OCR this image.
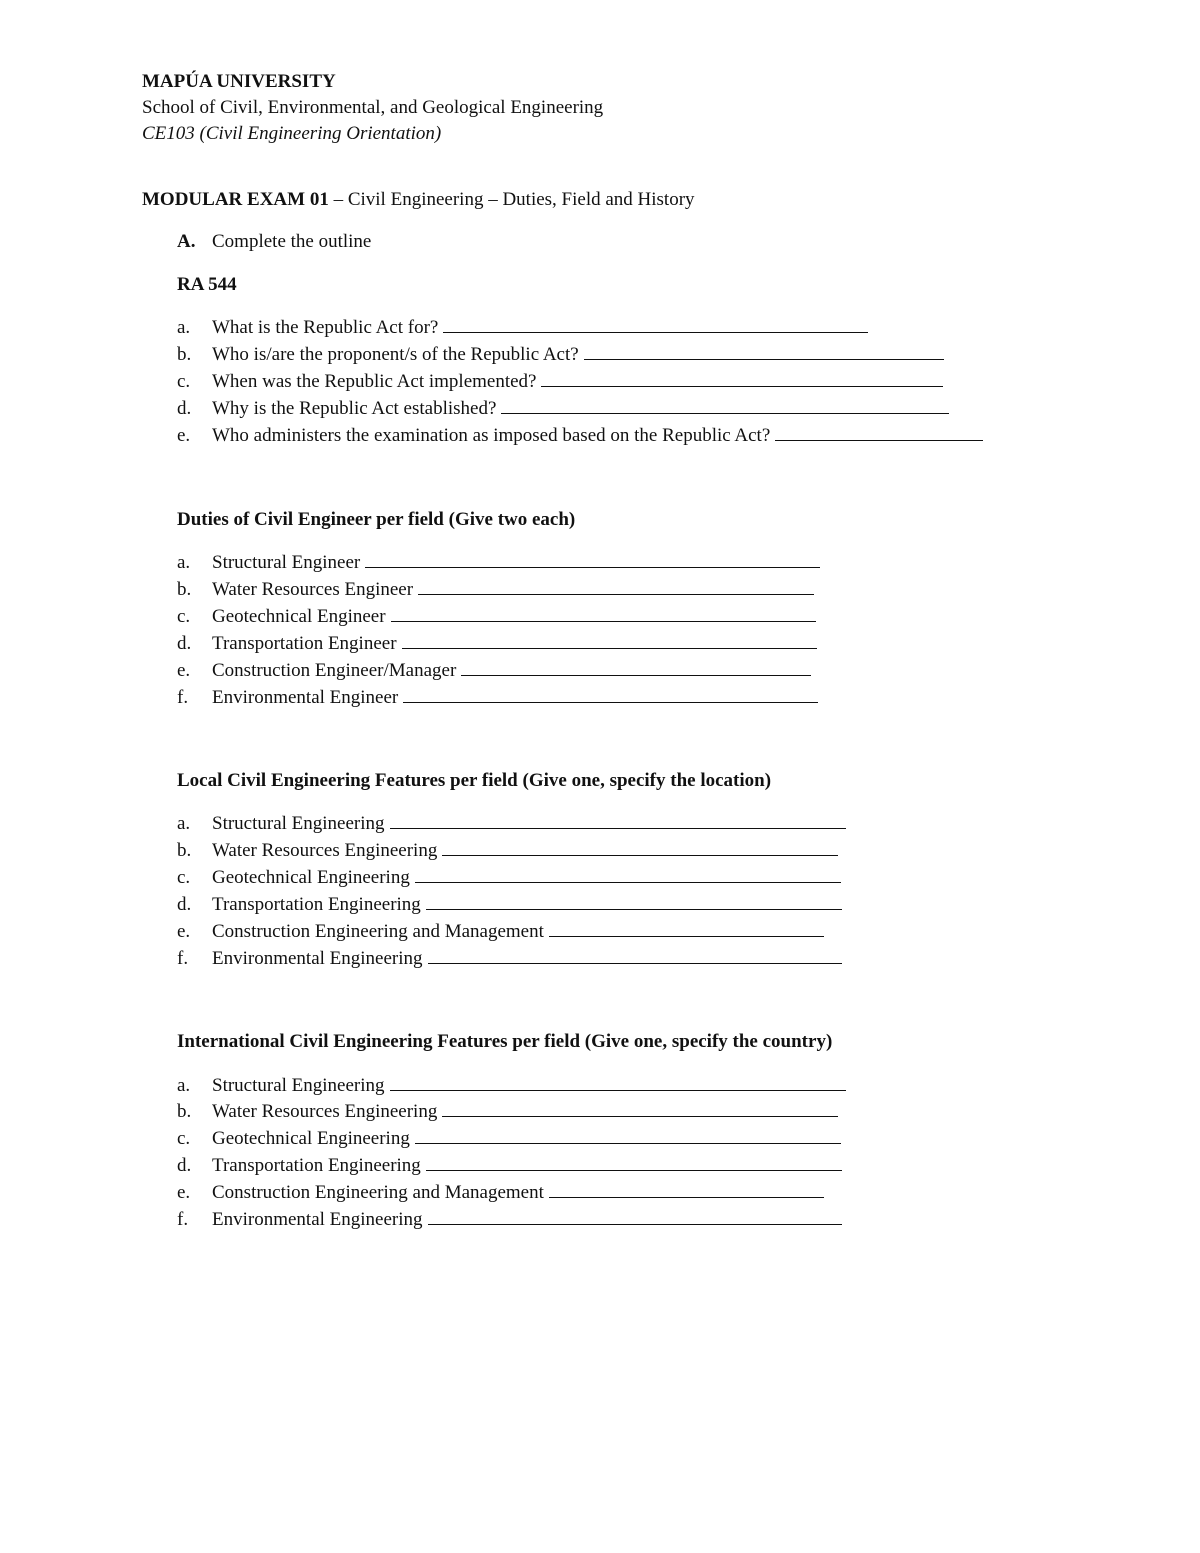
MAPÚA UNIVERSITY
School of Civil, Environmental, and Geological Engineering
CE103 (Civil Engineering Orientation)
MODULAR EXAM 01 – Civil Engineering – Duties, Field and History
A. Complete the outline
RA 544
a.	What is the Republic Act for?
b.	Who is/are the proponent/s of the Republic Act?
c.	When was the Republic Act implemented?
d.	Why is the Republic Act established?
e.	Who administers the examination as imposed based on the Republic Act?
Duties of Civil Engineer per field (Give two each)
a.	Structural Engineer
b.	Water Resources Engineer
c.	Geotechnical Engineer
d.	Transportation Engineer
e.	Construction Engineer/Manager
f.	Environmental Engineer
Local Civil Engineering Features per field (Give one, specify the location)
a.	Structural Engineering
b.	Water Resources Engineering
c.	Geotechnical Engineering
d.	Transportation Engineering
e.	Construction Engineering and Management
f.	Environmental Engineering
International Civil Engineering Features per field (Give one, specify the country)
a.	Structural Engineering
b.	Water Resources Engineering
c.	Geotechnical Engineering
d.	Transportation Engineering
e.	Construction Engineering and Management
f.	Environmental Engineering
